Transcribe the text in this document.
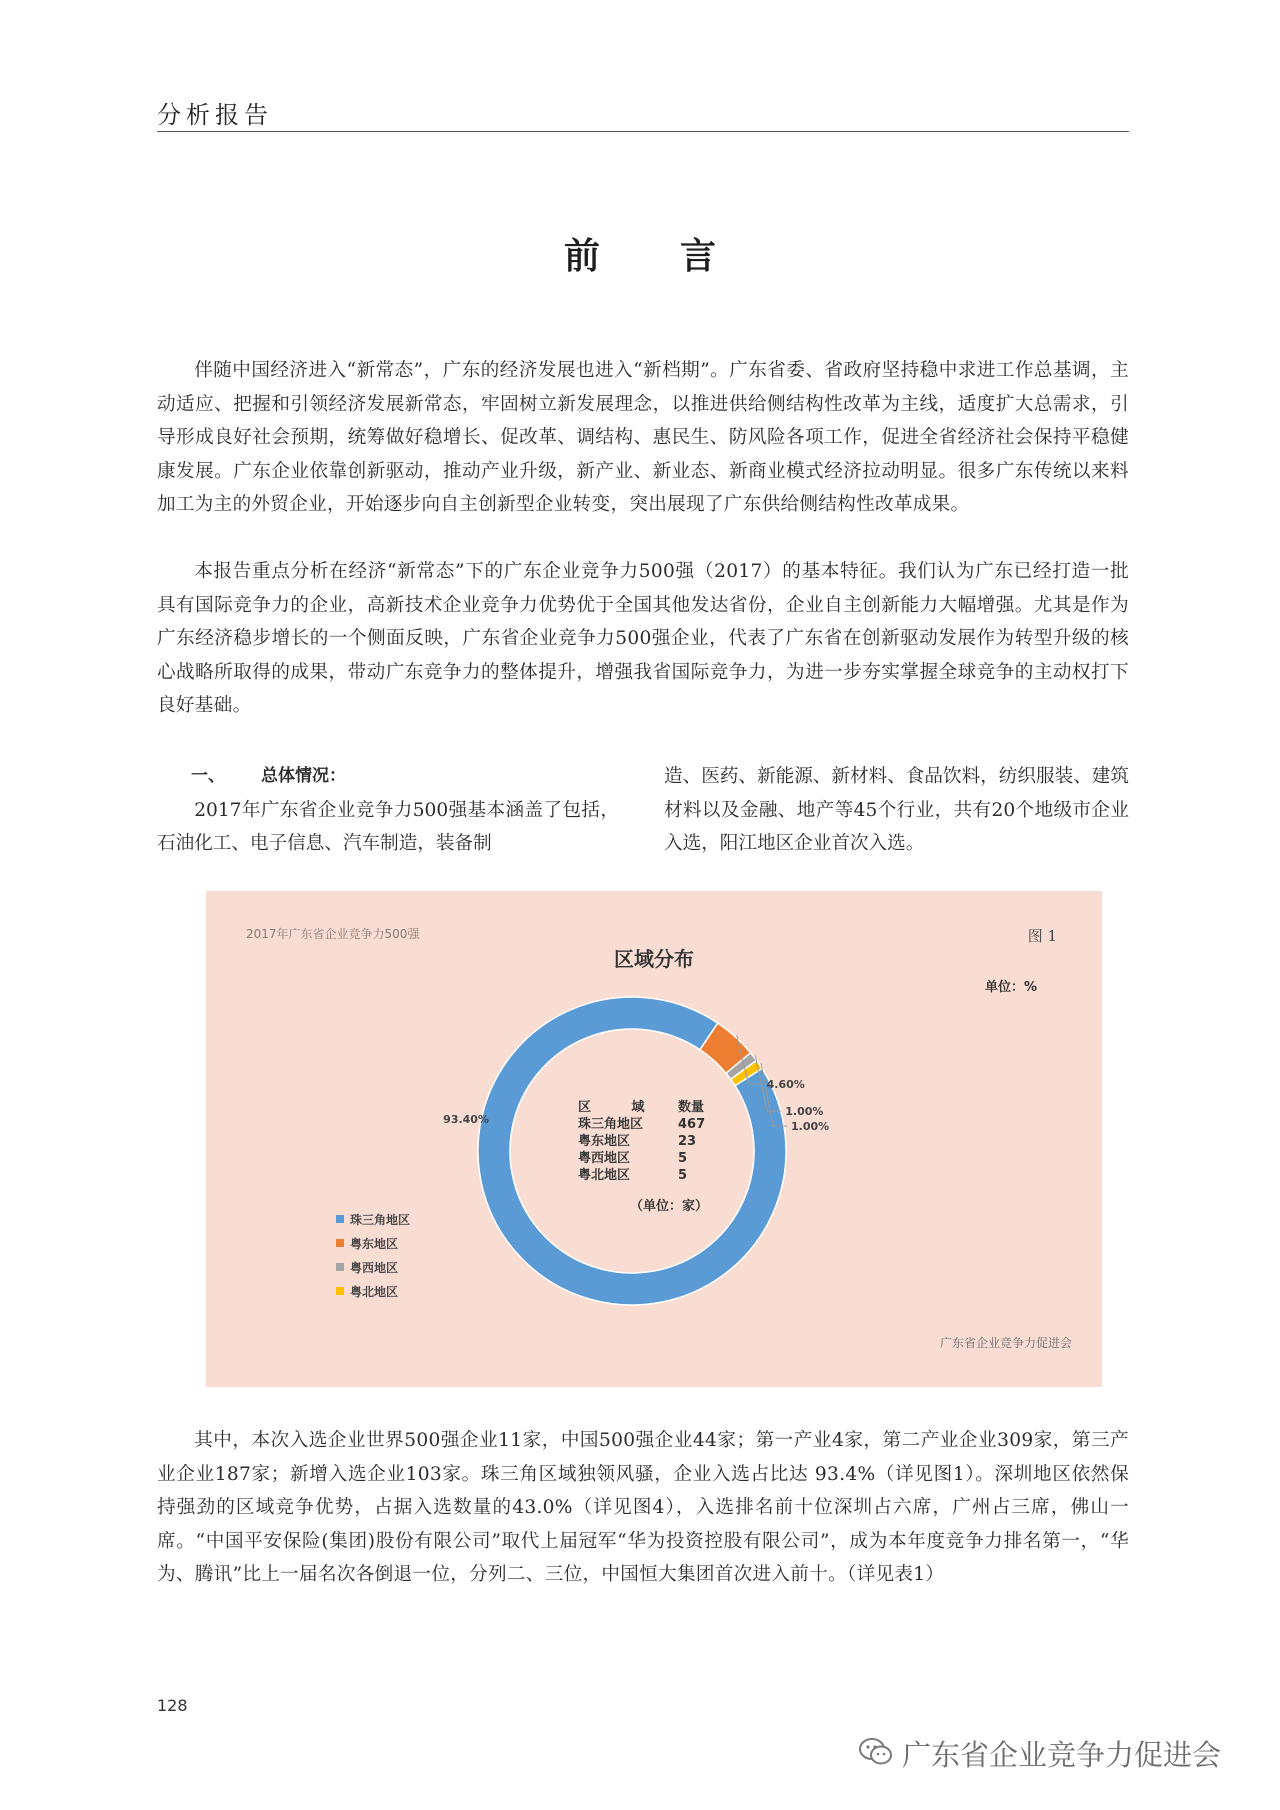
分析报告
前言

伴随中国经济进入“新常态”，广东的经济发展也进入“新档期”。广东省委、省政府坚持稳中求进工作总基调，主动适应、把握和引领经济发展新常态，牢固树立新发展理念，以推进供给侧结构性改革为主线，适度扩大总需求，引导形成良好社会预期，统筹做好稳增长、促改革、调结构、惠民生、防风险各项工作，促进全省经济社会保持平稳健康发展。广东企业依靠创新驱动，推动产业升级，新产业、新业态、新商业模式经济拉动明显。很多广东传统以来料加工为主的外贸企业，开始逐步向自主创新型企业转变，突出展现了广东供给侧结构性改革成果。

本报告重点分析在经济“新常态”下的广东企业竞争力500强（2017）的基本特征。我们认为广东已经打造一批具有国际竞争力的企业，高新技术企业竞争力优势优于全国其他发达省份，企业自主创新能力大幅增强。尤其是作为广东经济稳步增长的一个侧面反映，广东省企业竞争力500强企业，代表了广东省在创新驱动发展作为转型升级的核心战略所取得的成果，带动广东竞争力的整体提升，增强我省国际竞争力，为进一步夯实掌握全球竞争的主动权打下良好基础。

一、 总体情况：
2017年广东省企业竞争力500强基本涵盖了包括，石油化工、电子信息、汽车制造，装备制
造、医药、新能源、新材料、食品饮料，纺织服装、建筑材料以及金融、地产等45个行业，共有20个地级市企业入选，阳江地区企业首次入选。
2017年广东省企业竞争力500强	图 1
区域分布
单位：%
93.40%
4.60%
1.00%
1.00%
珠三角地区
粤东地区
粤西地区
粤北地区
区 域	数量
珠三角地区	467
粤东地区	23
粤西地区	5
粤北地区	5
（单位：家）
广东省企业竞争力促进会

其中，本次入选企业世界500强企业11家，中国500强企业44家；第一产业4家，第二产业企业309家，第三产业企业187家；新增入选企业103家。珠三角区域独领风骚，企业入选占比达 93.4%（详见图1）。深圳地区依然保持强劲的区域竞争优势，占据入选数量的43.0%（详见图4），入选排名前十位深圳占六席，广州占三席，佛山一席。“中国平安保险(集团)股份有限公司”取代上届冠军“华为投资控股有限公司”，成为本年度竞争力排名第一，“华为、腾讯”比上一届名次各倒退一位，分列二、三位，中国恒大集团首次进入前十。（详见表1）

128
广东省企业竞争力促进会
